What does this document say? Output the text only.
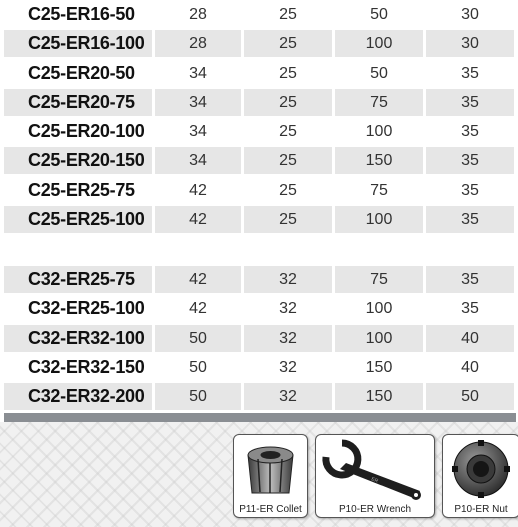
C25-ER16-50	28	25	50	30
C25-ER16-100	28	25	100	30
C25-ER20-50	34	25	50	35
C25-ER20-75	34	25	75	35
C25-ER20-100	34	25	100	35
C25-ER20-150	34	25	150	35
C25-ER25-75	42	25	75	35
C25-ER25-100	42	25	100	35
C32-ER25-75	42	32	75	35
C32-ER25-100	42	32	100	35
C32-ER32-100	50	32	100	40
C32-ER32-150	50	32	150	40
C32-ER32-200	50	32	150	50
P11-ER Collet
ER
P10-ER Wrench	P10-ER Nut
